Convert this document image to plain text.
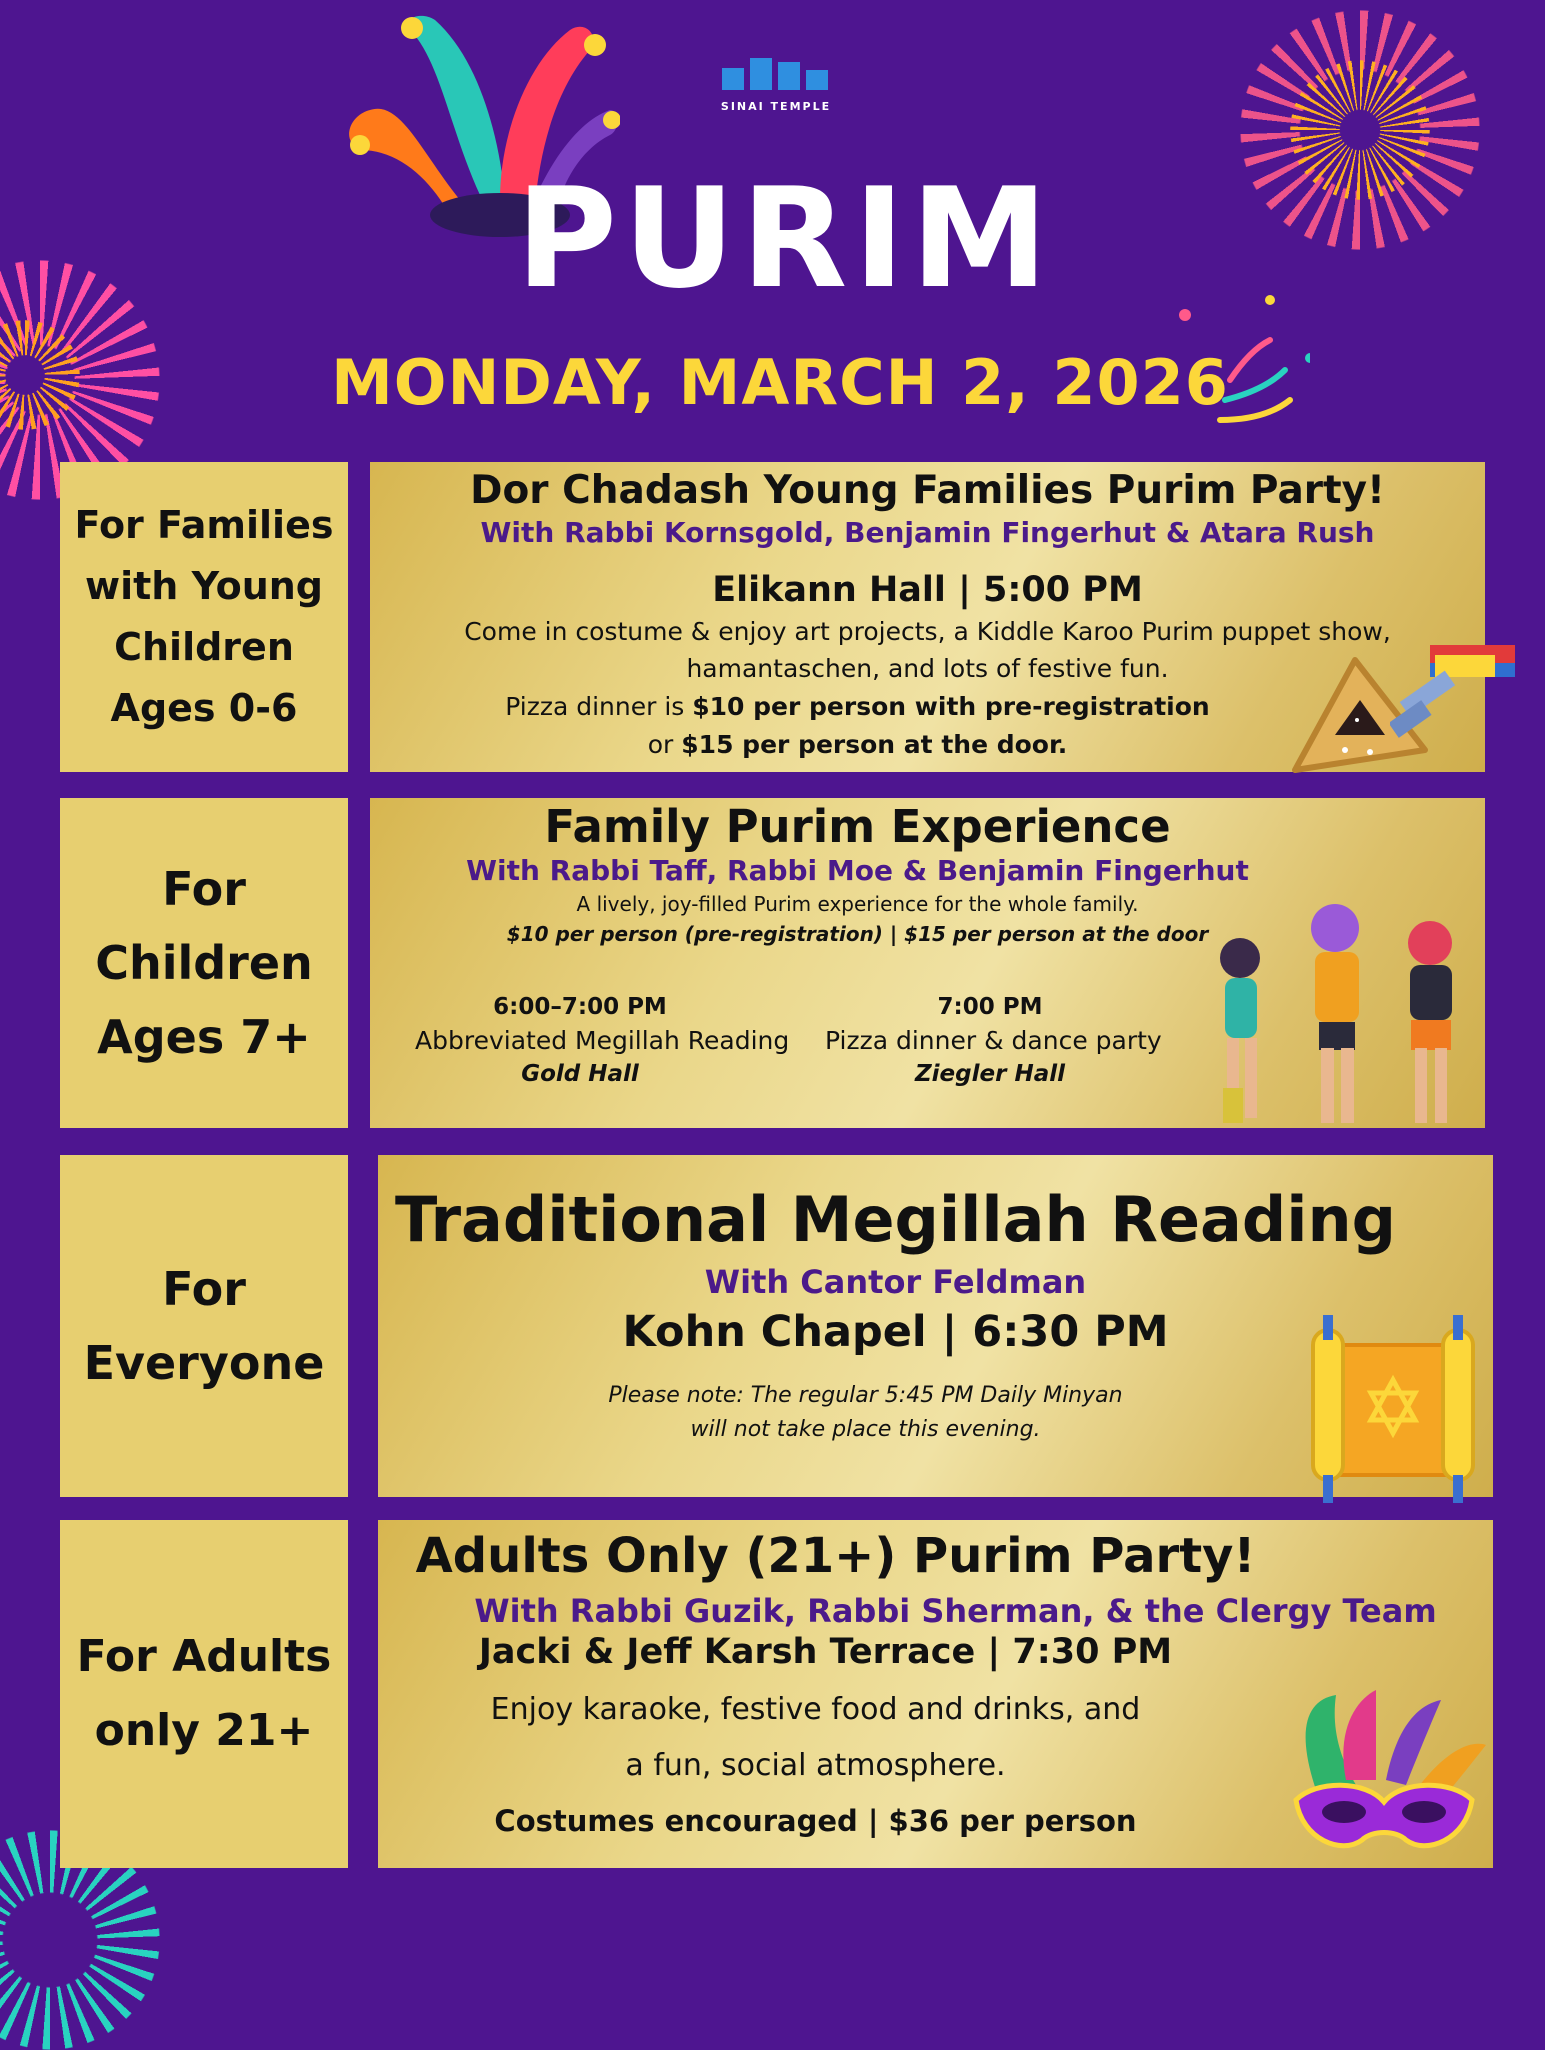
SINAI TEMPLE
PURIM
MONDAY, MARCH 2, 2026
For Families
with Young
Children
Ages 0-6
Dor Chadash Young Families Purim Party!
With Rabbi Kornsgold, Benjamin Fingerhut & Atara Rush
Elikann Hall | 5:00 PM
Come in costume & enjoy art projects, a Kiddle Karoo Purim puppet show,
hamantaschen, and lots of festive fun.
Pizza dinner is $10 per person with pre-registration
or $15 per person at the door.
For
Children
Ages 7+
Family Purim Experience
With Rabbi Taff, Rabbi Moe & Benjamin Fingerhut
A lively, joy-filled Purim experience for the whole family.
$10 per person (pre-registration) | $15 per person at the door
6:00–7:00 PM
Abbreviated Megillah Reading
Gold Hall
7:00 PM
Pizza dinner & dance party
Ziegler Hall
For
Everyone
Traditional Megillah Reading
With Cantor Feldman
Kohn Chapel | 6:30 PM
Please note: The regular 5:45 PM Daily Minyan
will not take place this evening.
For Adults
only 21+
Adults Only (21+) Purim Party!
With Rabbi Guzik, Rabbi Sherman, & the Clergy Team
Jacki & Jeff Karsh Terrace | 7:30 PM
Enjoy karaoke, festive food and drinks, and
a fun, social atmosphere.
Costumes encouraged | $36 per person
